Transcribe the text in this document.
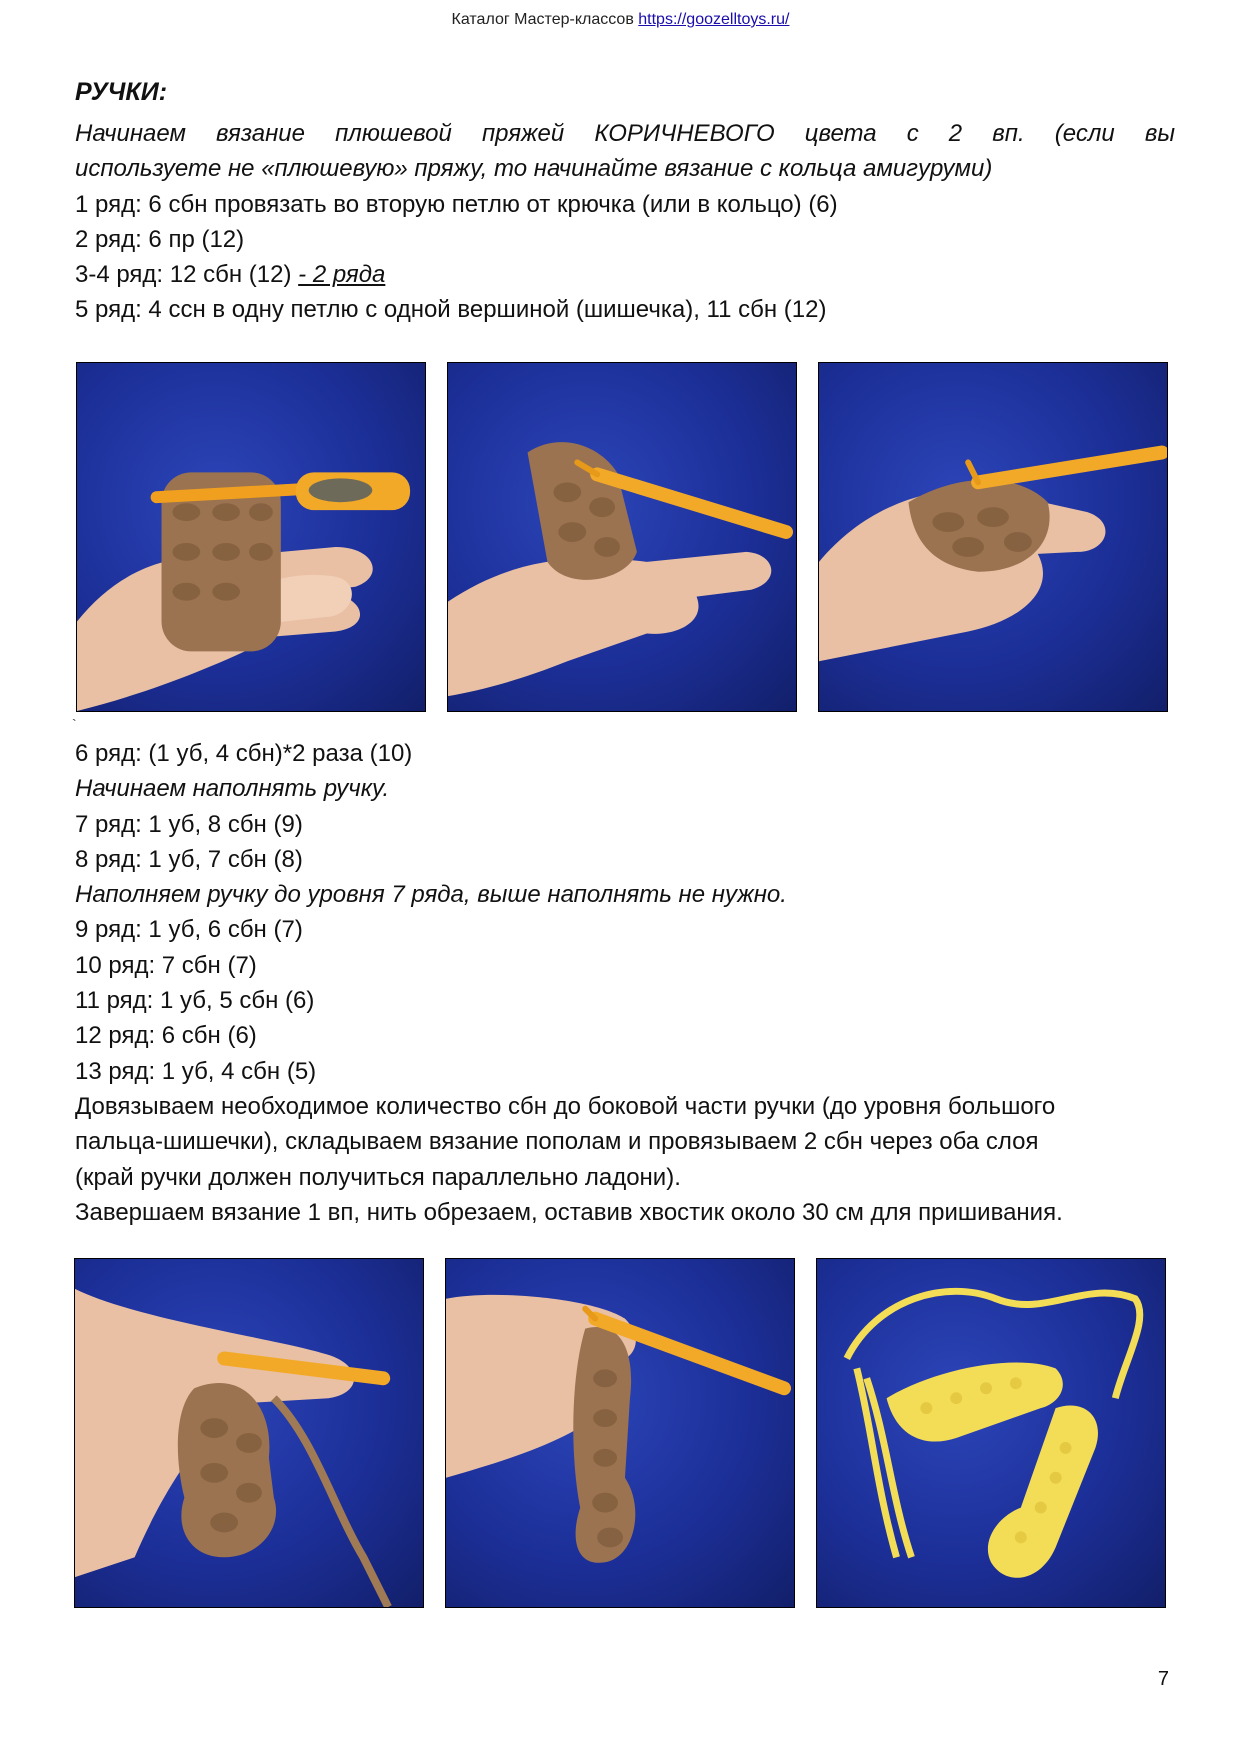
Каталог Мастер-классов https://goozelltoys.ru/
РУЧКИ:
Начинаем вязание плюшевой пряжей КОРИЧНЕВОГО цвета с 2 вп. (если вы
используете не «плюшевую» пряжу, то начинайте вязание с кольца амигуруми)
1 ряд: 6 сбн провязать во вторую петлю от крючка (или в кольцо) (6)
2 ряд: 6 пр (12)
3-4 ряд: 12 сбн (12) - 2 ряда
5 ряд: 4 ссн в одну петлю с одной вершиной (шишечка), 11 сбн (12)
`
6 ряд: (1 уб, 4 сбн)*2 раза (10)
Начинаем наполнять ручку.
7 ряд: 1 уб, 8 сбн (9)
8 ряд: 1 уб, 7 сбн (8)
Наполняем ручку до уровня 7 ряда, выше наполнять не нужно.
9 ряд: 1 уб, 6 сбн (7)
10 ряд: 7 сбн (7)
11 ряд: 1 уб, 5 сбн (6)
12 ряд: 6 сбн (6)
13 ряд: 1 уб, 4 сбн (5)
Довязываем необходимое количество сбн до боковой части ручки (до уровня большого
пальца-шишечки), складываем вязание пополам и провязываем 2 сбн через оба слоя
(край ручки должен получиться параллельно ладони).
Завершаем вязание 1 вп, нить обрезаем, оставив хвостик около 30 см для пришивания.
7
